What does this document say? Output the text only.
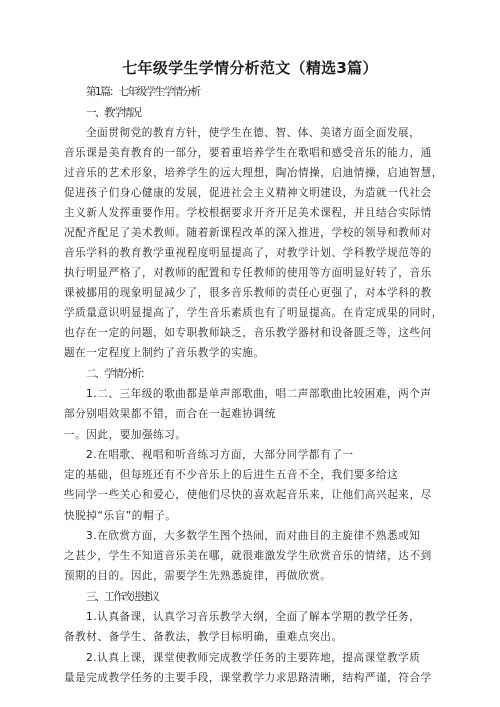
七年级学生学情分析范文（精选3篇）
第1篇：七年级学生学情分析
一、教学情况
全面贯彻党的教育方针，使学生在德、智、体、美诸方面全面发展，
音乐课是美育教育的一部分，要着重培养学生在歌唱和感受音乐的能力，通
过音乐的艺术形象，培养学生的远大理想，陶冶情操，启迪情操，启迪智慧，
促进孩子们身心健康的发展，促进社会主义精神文明建设，为造就一代社会
主义新人发挥重要作用。学校根据要求开齐开足美术课程，并且结合实际情
况配齐配足了美术教师。随着新课程改革的深入推进，学校的领导和教师对
音乐学科的教育教学重视程度明显提高了，对教学计划、学科教学规范等的
执行明显严格了，对教师的配置和专任教师的使用等方面明显好转了，音乐
课被挪用的现象明显减少了，很多音乐教师的责任心更强了，对本学科的教
学质量意识明显提高了，学生音乐素质也有了明显提高。在肯定成果的同时，
也存在一定的问题，如专职教师缺乏，音乐教学器材和设备匮乏等，这些问
题在一定程度上制约了音乐教学的实施。
二、学情分析：
1.二、三年级的歌曲都是单声部歌曲，唱二声部歌曲比较困难，两个声
部分别唱效果都不错，而合在一起难协调统
一。因此，要加强练习。
2.在唱歌、视唱和听音练习方面，大部分同学都有了一
定的基础，但每班还有不少音乐上的后进生五音不全，我们要多给这
些同学一些关心和爱心，使他们尽快的喜欢起音乐来，让他们高兴起来，尽
快脱掉“乐盲”的帽子。
3.在欣赏方面，大多数学生图个热闹，而对曲目的主旋律不熟悉或知
之甚少，学生不知道音乐美在哪，就很难激发学生欣赏音乐的情绪，达不到
预期的目的。因此，需要学生先熟悉旋律，再做欣赏。
三、工作改进建议
1.认真备课，认真学习音乐教学大纲，全面了解本学期的教学任务，
备教材、备学生、备教法，教学目标明确，重难点突出。
2.认真上课，课堂使教师完成教学任务的主要阵地，提高课堂教学质
量是完成教学任务的主要手段，课堂教学力求思路清晰，结构严谨，符合学
